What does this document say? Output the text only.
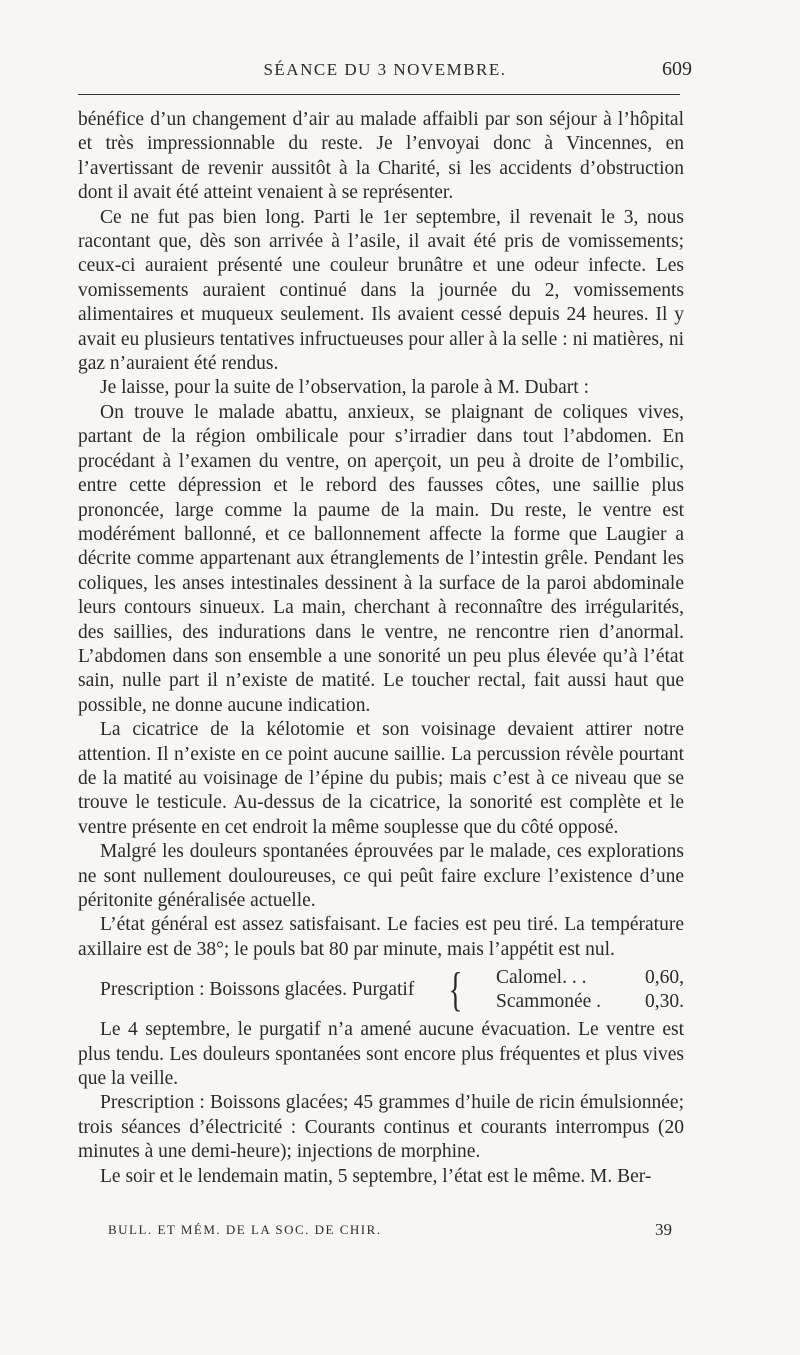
SÉANCE DU 3 NOVEMBRE.	609

bénéfice d’un changement d’air au malade affaibli par son séjour à l’hôpital et très impressionnable du reste. Je l’envoyai donc à Vincennes, en l’avertissant de revenir aussitôt à la Charité, si les accidents d’obstruction dont il avait été atteint venaient à se représenter.

Ce ne fut pas bien long. Parti le 1er septembre, il revenait le 3, nous racontant que, dès son arrivée à l’asile, il avait été pris de vomissements; ceux-ci auraient présenté une couleur brunâtre et une odeur infecte. Les vomissements auraient continué dans la journée du 2, vomissements alimentaires et muqueux seulement. Ils avaient cessé depuis 24 heures. Il y avait eu plusieurs tentatives infructueuses pour aller à la selle : ni matières, ni gaz n’auraient été rendus.

Je laisse, pour la suite de l’observation, la parole à M. Dubart :

On trouve le malade abattu, anxieux, se plaignant de coliques vives, partant de la région ombilicale pour s’irradier dans tout l’abdomen. En procédant à l’examen du ventre, on aperçoit, un peu à droite de l’ombilic, entre cette dépression et le rebord des fausses côtes, une saillie plus prononcée, large comme la paume de la main. Du reste, le ventre est modérément ballonné, et ce ballonnement affecte la forme que Laugier a décrite comme appartenant aux étranglements de l’intestin grêle. Pendant les coliques, les anses intestinales dessinent à la surface de la paroi abdominale leurs contours sinueux. La main, cherchant à reconnaître des irrégularités, des saillies, des indurations dans le ventre, ne rencontre rien d’anormal. L’abdomen dans son ensemble a une sonorité un peu plus élevée qu’à l’état sain, nulle part il n’existe de matité. Le toucher rectal, fait aussi haut que possible, ne donne aucune indication.

La cicatrice de la kélotomie et son voisinage devaient attirer notre attention. Il n’existe en ce point aucune saillie. La percussion révèle pourtant de la matité au voisinage de l’épine du pubis; mais c’est à ce niveau que se trouve le testicule. Au-dessus de la cicatrice, la sonorité est complète et le ventre présente en cet endroit la même souplesse que du côté opposé.

Malgré les douleurs spontanées éprouvées par le malade, ces explorations ne sont nullement douloureuses, ce qui peût faire exclure l’existence d’une péritonite généralisée actuelle.

L’état général est assez satisfaisant. Le facies est peu tiré. La température axillaire est de 38°; le pouls bat 80 par minute, mais l’appétit est nul.

Prescription : Boissons glacées. Purgatif { Calomel. . .	0,60,
Scammonée . 0,30.

Le 4 septembre, le purgatif n’a amené aucune évacuation. Le ventre est plus tendu. Les douleurs spontanées sont encore plus fréquentes et plus vives que la veille.

Prescription : Boissons glacées; 45 grammes d’huile de ricin émulsionnée; trois séances d’électricité : Courants continus et courants interrompus (20 minutes à une demi-heure); injections de morphine.

Le soir et le lendemain matin, 5 septembre, l’état est le même. M. Ber-

BULL. ET MÉM. DE LA SOC. DE CHIR.	39
